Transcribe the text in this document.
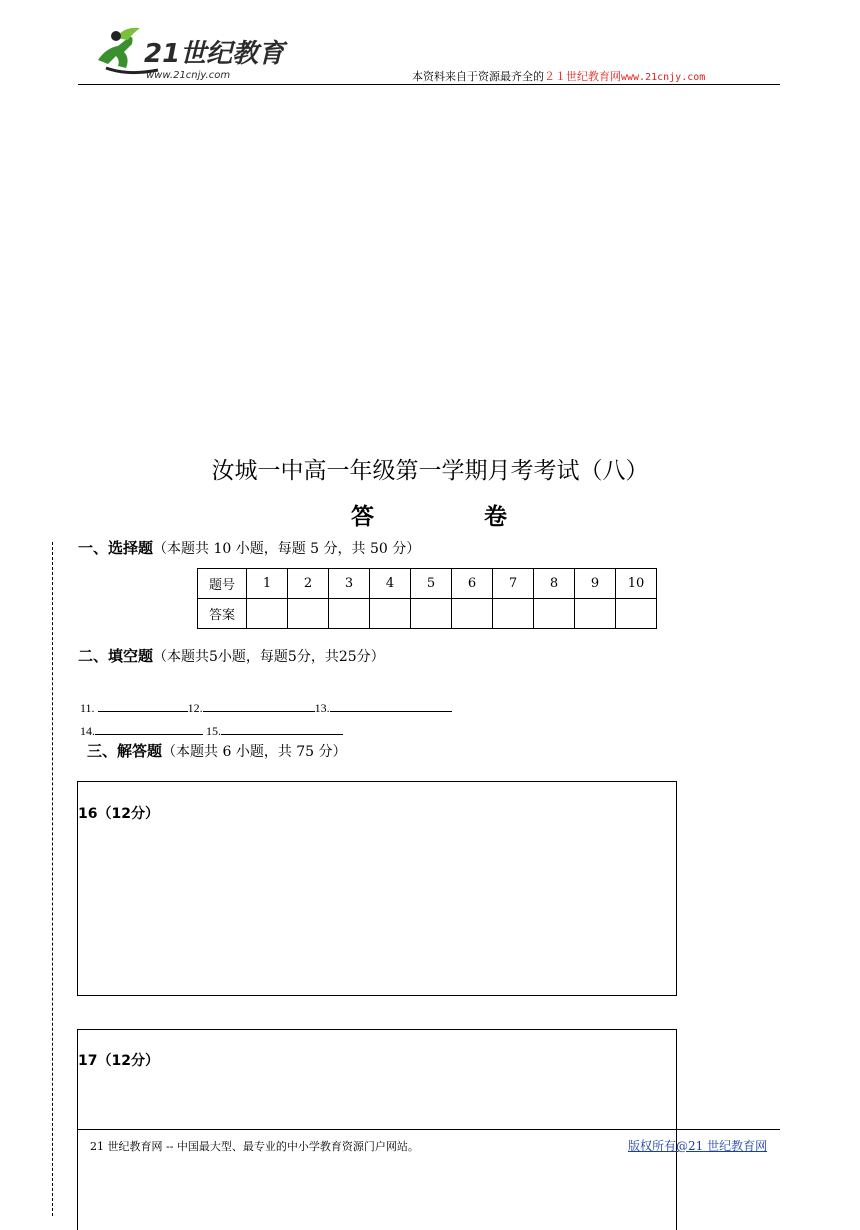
21世纪教育
www.21cnjy.com	本资料来自于资源最齐全的２１世纪教育网www.21cnjy.com
汝城一中高一年级第一学期月考考试（八）
答	卷
一、选择题（本题共 10 小题，每题 5 分，共 50 分）
题号	1	2	3	4	5	6	7	8	9	10
答案										
二、填空题（本题共5小题，每题5分，共25分）
11.	12.	13.
14.	15.
三、解答题（本题共 6 小题，共 75 分）
16（12分）
17（12分）
21 世纪教育网 -- 中国最大型、最专业的中小学教育资源门户网站。	版权所有@21 世纪教育网
